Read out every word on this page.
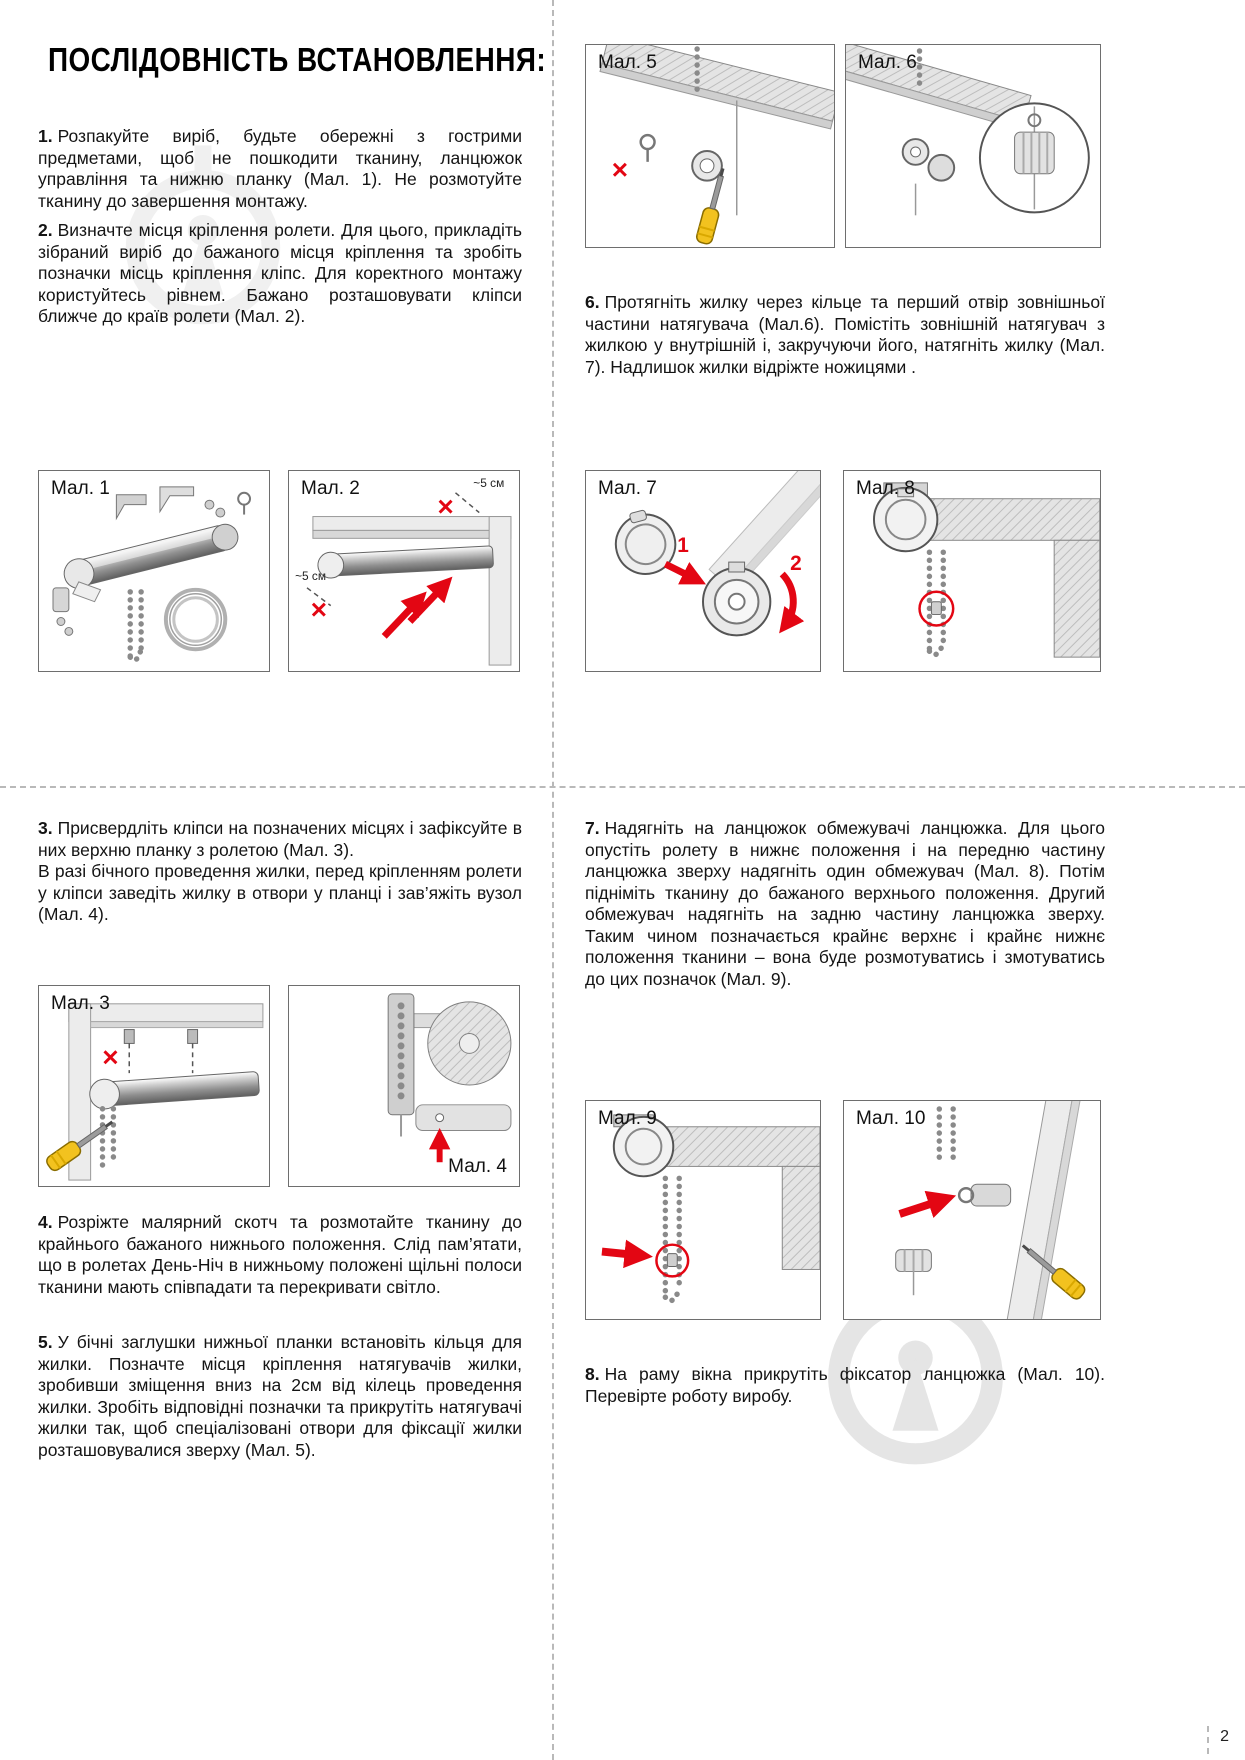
ПОСЛІДОВНІСТЬ ВСТАНОВЛЕННЯ:

1. Розпакуйте виріб, будьте обережні з гострими предметами, щоб не пошкодити тканину, ланцюжок управління та нижню планку (Мал. 1). Не розмотуйте тканину до завершення монтажу.

2. Визначте місця кріплення ролети. Для цього, прикладіть зібраний виріб до бажаного місця кріплення та зробіть позначки місць кріплення кліпс. Для коректного монтажу користуйтесь рівнем. Бажано розташовувати кліпси ближче до країв ролети (Мал. 2).

6. Протягніть жилку через кільце та перший отвір зовнішньої частини натягувача (Мал.6). Помістіть зовнішній натягувач з жилкою у внутрішній і, закручуючи його, натягніть жилку (Мал. 7). Надлишок жилки відріжте ножицями .

3. Присвердліть кліпси на позначених місцях і зафіксуйте в них верхню планку з ролетою (Мал. 3).
В разі бічного проведення жилки, перед кріпленням ролети у кліпси заведіть жилку в отвори у планці і зав’яжіть вузол (Мал. 4).

4. Розріжте малярний скотч та розмотайте тканину до крайнього бажаного нижнього положення. Слід пам’ятати, що в ролетах День-Ніч в нижньому положені щільні полоси тканини мають співпадати та перекривати світло.

5. У бічні заглушки нижньої планки встановіть кільця для жилки. Позначте місця кріплення натягувачів жилки, зробивши зміщення вниз на 2см від кілець проведення жилки. Зробіть відповідні позначки та прикрутіть натягувачі жилки так, щоб спеціалізовані отвори для фіксації жилки розташовувалися зверху (Мал. 5).

7. Надягніть на ланцюжок обмежувачі ланцюжка. Для цього опустіть ролету в нижнє положення і на передню частину ланцюжка зверху надягніть один обмежувач (Мал. 8). Потім підніміть тканину до бажаного верхнього положення. Другий обмежувач надягніть на задню частину ланцюжка зверху. Таким чином позначається крайнє верхнє і крайнє нижнє положення тканини – вона буде розмотуватись і змотуватись до цих позначок (Мал. 9).

8. На раму вікна прикрутіть фіксатор ланцюжка (Мал. 10). Перевірте роботу виробу.

Мал. 1	Мал. 2	~5 см
~5 см
Мал. 5	Мал. 6
Мал. 7
1
2
Мал. 8
Мал. 3
Мал. 4
Мал. 9	Мал. 10
2
